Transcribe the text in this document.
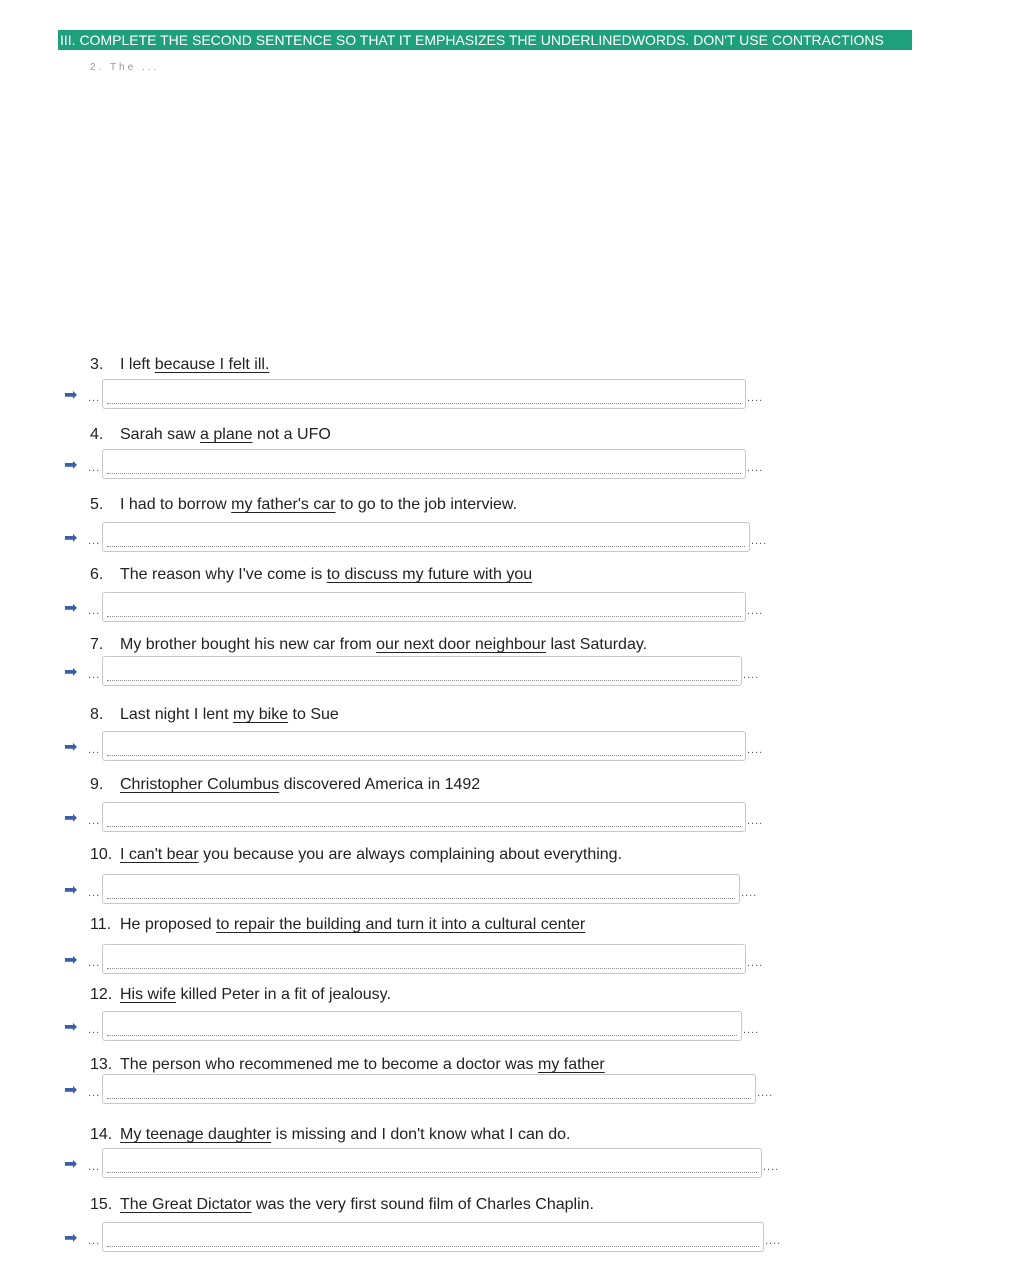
III. COMPLETE THE SECOND SENTENCE SO THAT IT EMPHASIZES THE UNDERLINEDWORDS. DON'T USE CONTRACTIONS
2. The ...
3. I left because I felt ill.
➡ ...	....
4. Sarah saw a plane not a UFO
➡ ...	....
5. I had to borrow my father's car to go to the job interview.
➡ ...	....
6. The reason why I've come is to discuss my future with you
➡ ...	....
7. My brother bought his new car from our next door neighbour last Saturday.
➡ ...	....
8. Last night I lent my bike to Sue
➡ ...	....
9. Christopher Columbus discovered America in 1492
➡ ...	....
10. I can't bear you because you are always complaining about everything.
➡ ...	....
11. He proposed to repair the building and turn it into a cultural center
➡ ...	....
12. His wife killed Peter in a fit of jealousy.
➡ ...	....
13. The person who recommened me to become a doctor was my father
➡ ...	....
14. My teenage daughter is missing and I don't know what I can do.
➡ ...	....
15. The Great Dictator was the very first sound film of Charles Chaplin.
➡ ...	....
